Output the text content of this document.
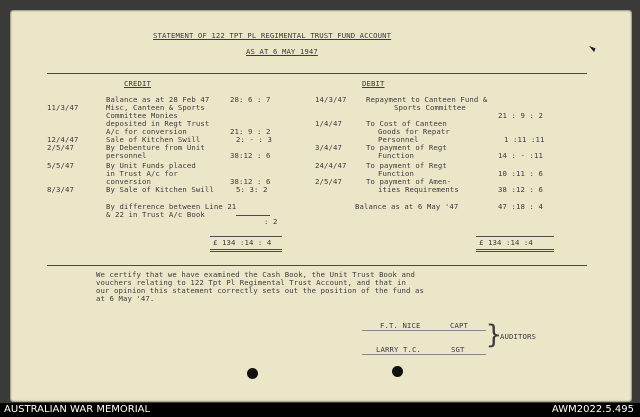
STATEMENT OF 122 TPT PL REGIMENTAL TRUST FUND ACCOUNT
AS AT 6 MAY 1947
CREDIT	DEBIT
Balance as at 28 Feb 47	28: 6 : 7
11/3/47	Misc, Canteen & Sports
Committee Monies
deposited in Regt Trust
A/c for conversion	21: 9 : 2
12/4/47	Sale of Kitchen Swill	2: - : 3
2/5/47	By Debenture from Unit
personnel	38:12 : 6
5/5/47	By Unit Funds placed
in Trust A/c for
conversion	38:12 : 6
8/3/47	By Sale of Kitchen Swill	5: 3: 2
By difference between Line 21
& 22 in Trust A/c Book
: 2
£ 134 :14 : 4
14/3/47	Repayment to Canteen Fund &
Sports Committee
21 : 9 : 2
1/4/47	To Cost of Canteen
Goods for Repatr
Personnel	1 :11 :11
3/4/47	To payment of Regt
Function	14 : - :11
24/4/47	To payment of Regt
Function	10 :11 : 6
2/5/47	To payment of Amen-
ities Requirements	38 :12 : 6
Balance as at 6 May '47	47 :18 : 4
£ 134 :14 :4
We certify that we have examined the Cash Book, the Unit Trust Book and
vouchers relating to 122 Tpt Pl Regimental Trust Account, and that in
our opinion this statement correctly sets out the position of the fund as
at 6 May '47.
F.T. NICE	CAPT
LARRY T.C.	SGT }
AUDITORS
AUSTRALIAN WAR MEMORIAL	AWM2022.5.495
